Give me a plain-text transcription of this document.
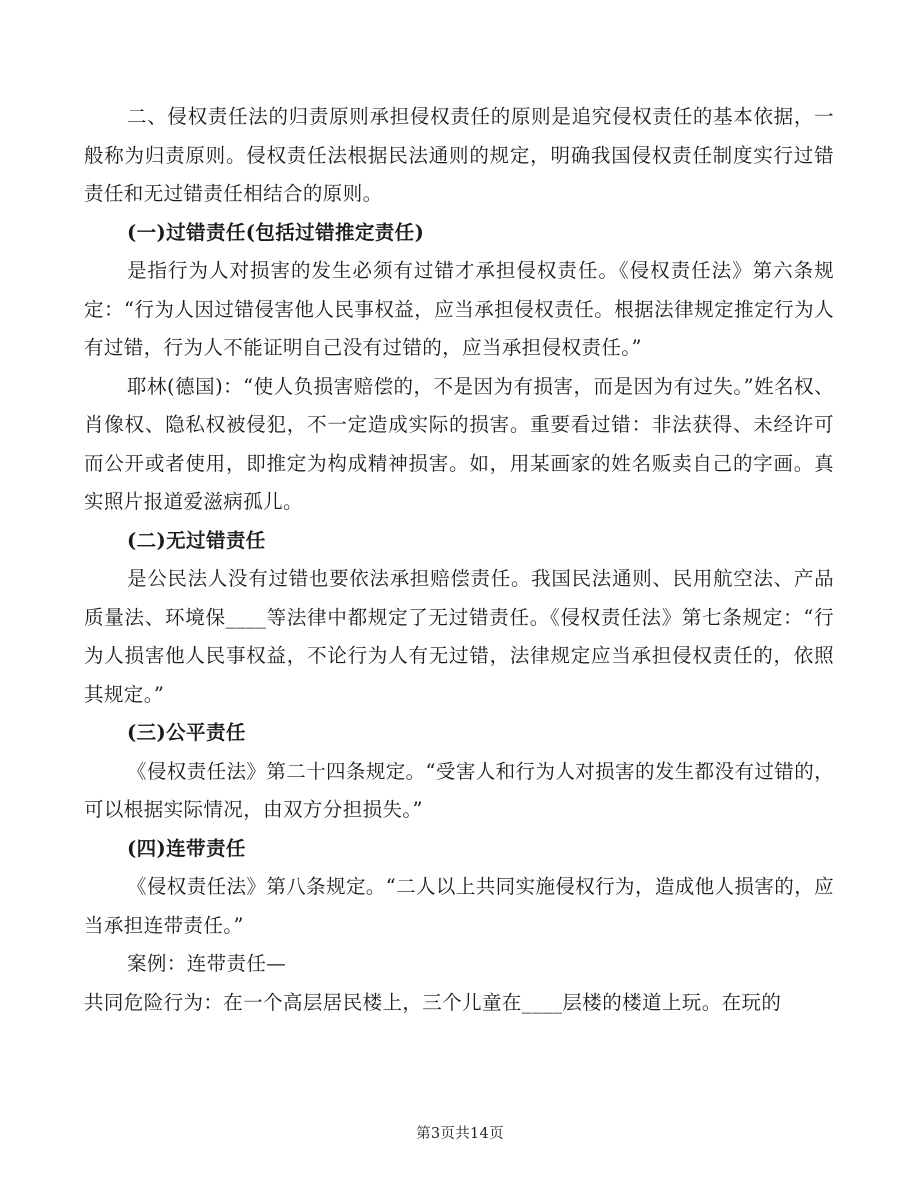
二、侵权责任法的归责原则承担侵权责任的原则是追究侵权责任的基本依据，一般称为归责原则。侵权责任法根据民法通则的规定，明确我国侵权责任制度实行过错责任和无过错责任相结合的原则。

(一)过错责任(包括过错推定责任)

是指行为人对损害的发生必须有过错才承担侵权责任。《侵权责任法》第六条规定：“行为人因过错侵害他人民事权益，应当承担侵权责任。根据法律规定推定行为人有过错，行为人不能证明自己没有过错的，应当承担侵权责任。”

耶林(德国)：“使人负损害赔偿的，不是因为有损害，而是因为有过失。”姓名权、肖像权、隐私权被侵犯，不一定造成实际的损害。重要看过错：非法获得、未经许可而公开或者使用，即推定为构成精神损害。如，用某画家的姓名贩卖自己的字画。真实照片报道爱滋病孤儿。

(二)无过错责任

是公民法人没有过错也要依法承担赔偿责任。我国民法通则、民用航空法、产品质量法、环境保____等法律中都规定了无过错责任。《侵权责任法》第七条规定：“行为人损害他人民事权益，不论行为人有无过错，法律规定应当承担侵权责任的，依照其规定。”

(三)公平责任

《侵权责任法》第二十四条规定。“受害人和行为人对损害的发生都没有过错的，可以根据实际情况，由双方分担损失。”

(四)连带责任

《侵权责任法》第八条规定。“二人以上共同实施侵权行为，造成他人损害的，应当承担连带责任。”

案例：连带责任—

共同危险行为：在一个高层居民楼上，三个儿童在____层楼的楼道上玩。在玩的

第3页共14页
